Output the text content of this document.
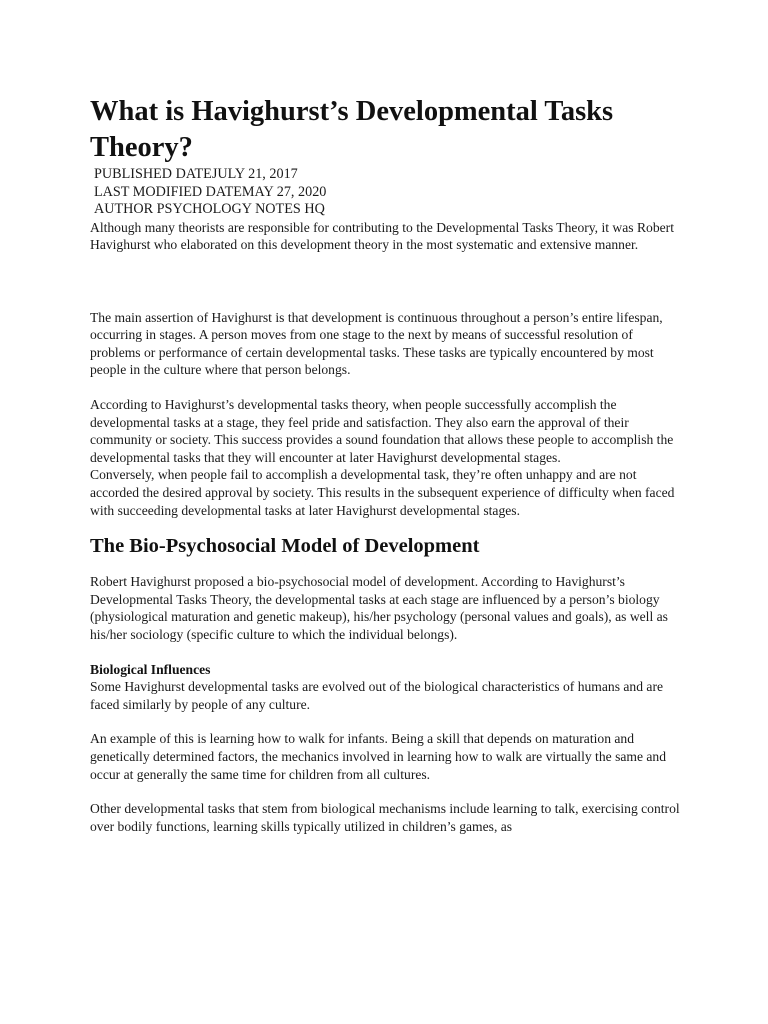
What is Havighurst’s Developmental Tasks Theory?

PUBLISHED DATEJULY 21, 2017

LAST MODIFIED DATEMAY 27, 2020

AUTHOR PSYCHOLOGY NOTES HQ

Although many theorists are responsible for contributing to the Developmental Tasks Theory, it was Robert Havighurst who elaborated on this development theory in the most systematic and extensive manner.

The main assertion of Havighurst is that development is continuous throughout a person’s entire lifespan, occurring in stages. A person moves from one stage to the next by means of successful resolution of problems or performance of certain developmental tasks. These tasks are typically encountered by most people in the culture where that person belongs.

According to Havighurst’s developmental tasks theory, when people successfully accomplish the developmental tasks at a stage, they feel pride and satisfaction. They also earn the approval of their community or society. This success provides a sound foundation that allows these people to accomplish the developmental tasks that they will encounter at later Havighurst developmental stages.

Conversely, when people fail to accomplish a developmental task, they’re often unhappy and are not accorded the desired approval by society. This results in the subsequent experience of difficulty when faced with succeeding developmental tasks at later Havighurst developmental stages.

The Bio-Psychosocial Model of Development

Robert Havighurst proposed a bio-psychosocial model of development. According to Havighurst’s Developmental Tasks Theory, the developmental tasks at each stage are influenced by a person’s biology (physiological maturation and genetic makeup), his/her psychology (personal values and goals), as well as his/her sociology (specific culture to which the individual belongs).

Biological Influences

Some Havighurst developmental tasks are evolved out of the biological characteristics of humans and are faced similarly by people of any culture.

An example of this is learning how to walk for infants. Being a skill that depends on maturation and genetically determined factors, the mechanics involved in learning how to walk are virtually the same and occur at generally the same time for children from all cultures.

Other developmental tasks that stem from biological mechanisms include learning to talk, exercising control over bodily functions, learning skills typically utilized in children’s games, as
